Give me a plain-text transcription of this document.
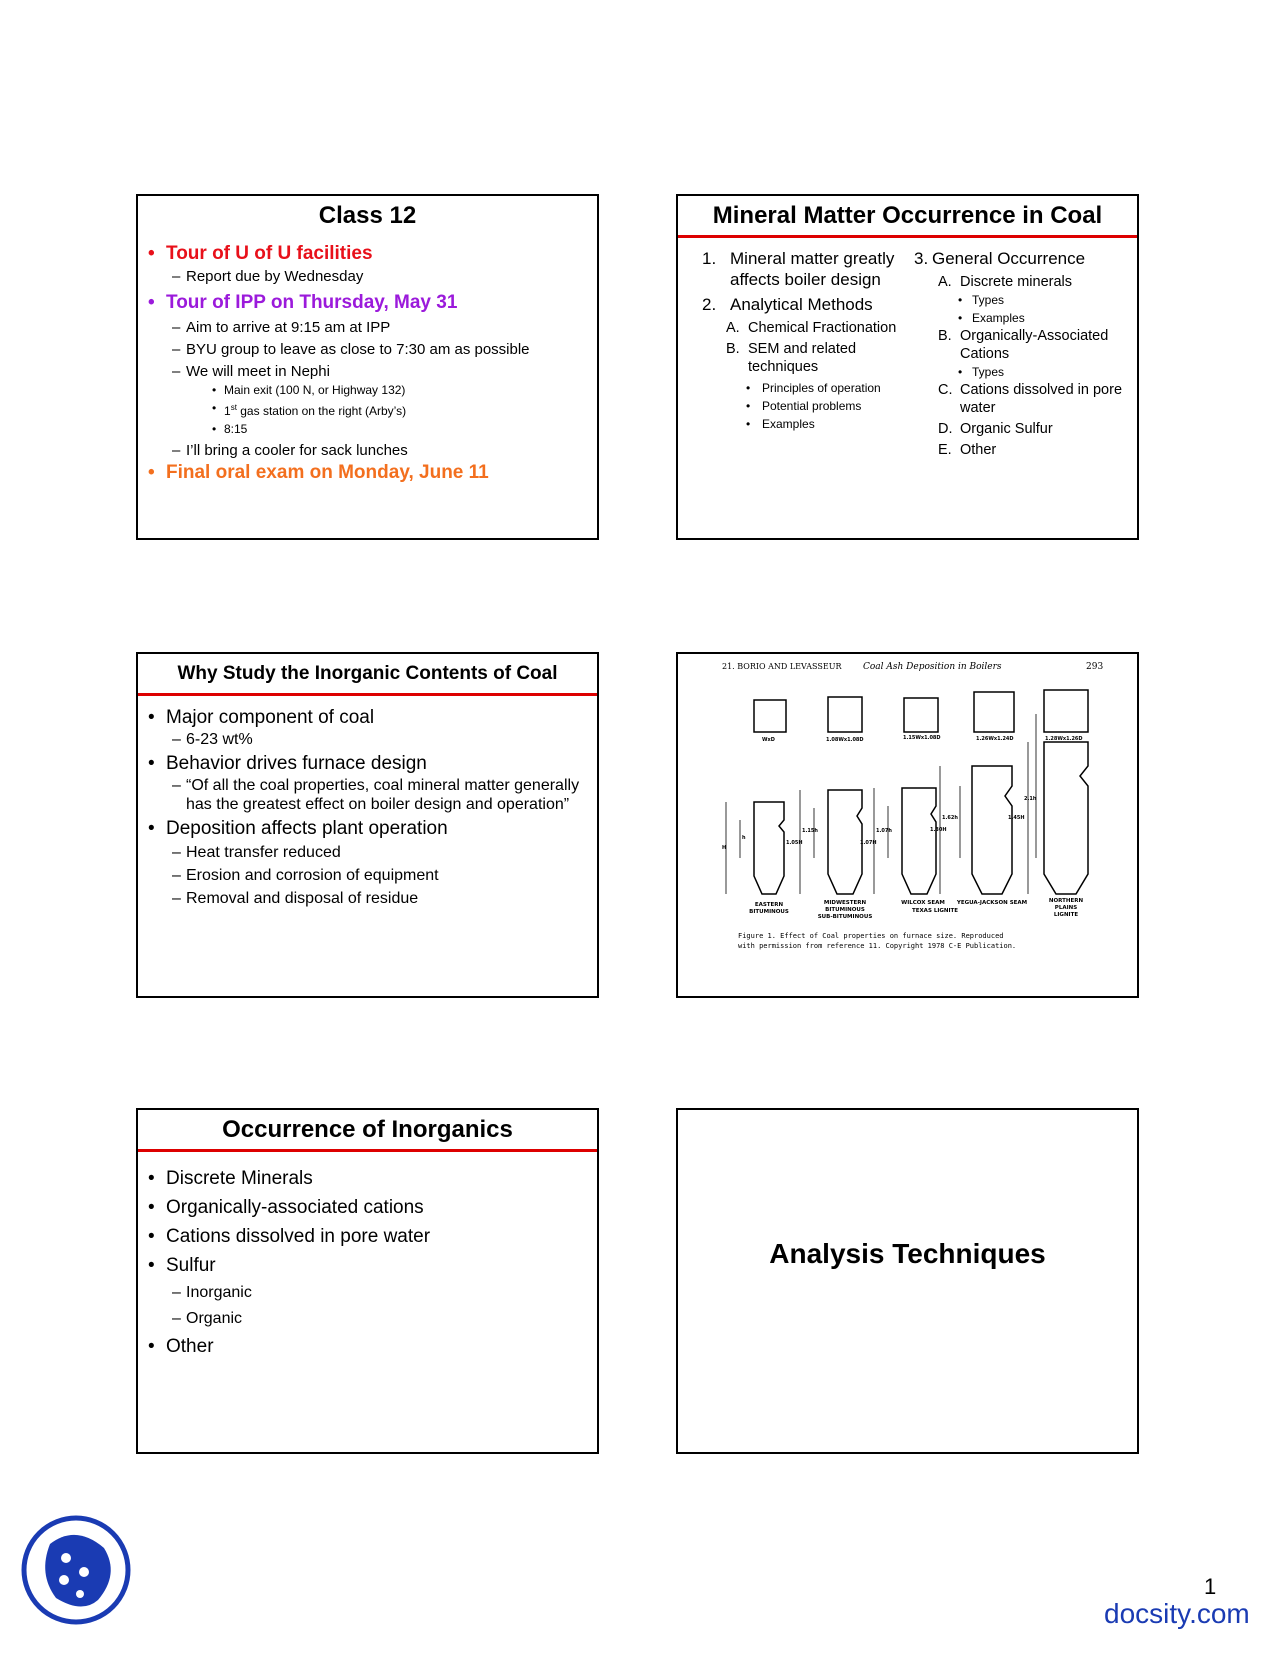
Class 12
• Tour of U of U facilities
– Report due by Wednesday
• Tour of IPP on Thursday, May 31
– Aim to arrive at 9:15 am at IPP
– BYU group to leave as close to 7:30 am as possible
– We will meet in Nephi
• Main exit (100 N, or Highway 132)
• 1st gas station on the right (Arby’s)
• 8:15
– I’ll bring a cooler for sack lunches
• Final oral exam on Monday, June 11
Mineral Matter Occurrence in Coal
1. Mineral matter greatly affects boiler design
2. Analytical Methods
A. Chemical Fractionation
B. SEM and related techniques
• Principles of operation
• Potential problems
• Examples
3. General Occurrence
A. Discrete minerals
• Types
• Examples
B. Organically-Associated Cations
• Types
C. Cations dissolved in pore water
D. Organic Sulfur
E. Other
Why Study the Inorganic Contents of Coal
• Major component of coal
– 6-23 wt%
• Behavior drives furnace design
– “Of all the coal properties, coal mineral matter generally has the greatest effect on boiler design and operation”
• Deposition affects plant operation
– Heat transfer reduced
– Erosion and corrosion of equipment
– Removal and disposal of residue
21. BORIO AND LEVASSEUR Coal Ash Deposition in Boilers	293
WxD	1.08Wx1.08D	1.15Wx1.08D	1.26Wx1.24D	1.28Wx1.26D
H
h
1.15h
1.05H
1.07h
1.07H
1.62h
1.30H
1.45H
2.1h
EASTERN
BITUMINOUS
MIDWESTERN
BITUMINOUS
SUB-BITUMINOUS
WILCOX SEAM
TEXAS LIGNITE
YEGUA-JACKSON SEAM	NORTHERN
PLAINS
LIGNITE
Figure 1. Effect of Coal properties on furnace size. Reproduced
with permission from reference 11. Copyright 1978 C-E Publication.
Occurrence of Inorganics
• Discrete Minerals
• Organically-associated cations
• Cations dissolved in pore water
• Sulfur
– Inorganic
– Organic
• Other
Analysis Techniques
1
docsity.com
